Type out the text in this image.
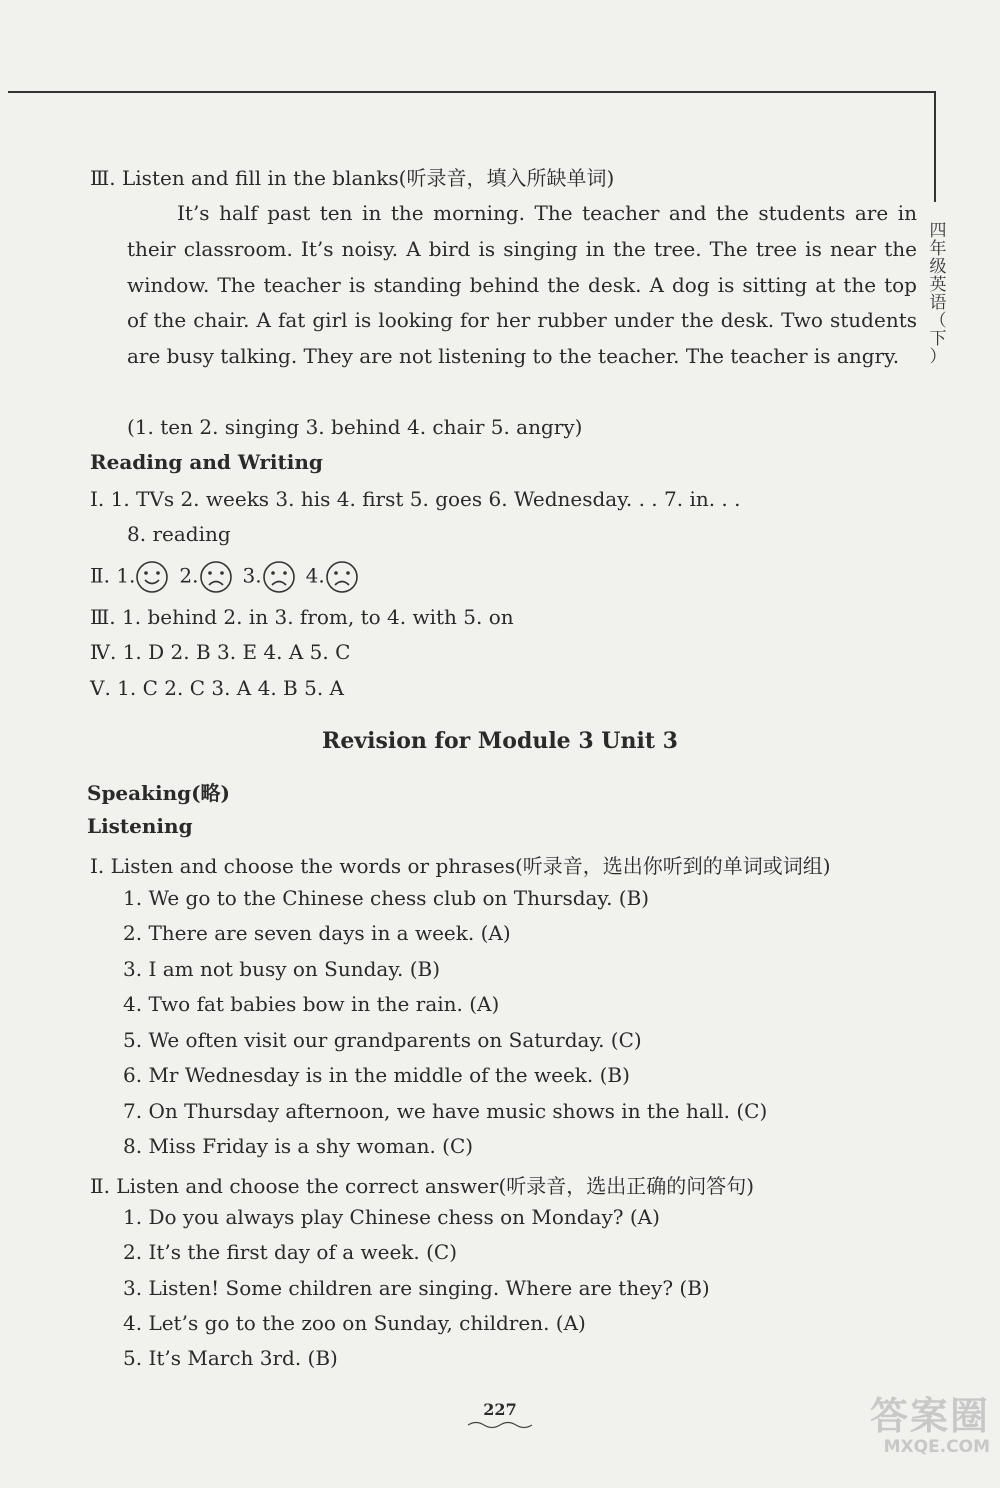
四
年
级
英
语
（
下
）
Ⅲ. Listen and fill in the blanks(听录音，填入所缺单词)

It’s half past ten in the morning. The teacher and the students are in their classroom. It’s noisy. A bird is singing in the tree. The tree is near the window. The teacher is standing behind the desk. A dog is sitting at the top of the chair. A fat girl is looking for her rubber under the desk. Two students are busy talking. They are not listening to the teacher. The teacher is angry.

(1. ten 2. singing 3. behind 4. chair 5. angry)
Reading and Writing
Ⅰ. 1. TVs 2. weeks 3. his 4. first 5. goes 6. Wednesday. . . 7. in. . .
8. reading
Ⅱ. 1. 2. 3. 4.
Ⅲ. 1. behind 2. in 3. from, to 4. with 5. on
Ⅳ. 1. D 2. B 3. E 4. A 5. C
Ⅴ. 1. C 2. C 3. A 4. B 5. A
Revision for Module 3 Unit 3
Speaking(略)
Listening
Ⅰ. Listen and choose the words or phrases(听录音，选出你听到的单词或词组)
1. We go to the Chinese chess club on Thursday. (B)
2. There are seven days in a week. (A)
3. I am not busy on Sunday. (B)
4. Two fat babies bow in the rain. (A)
5. We often visit our grandparents on Saturday. (C)
6. Mr Wednesday is in the middle of the week. (B)
7. On Thursday afternoon, we have music shows in the hall. (C)
8. Miss Friday is a shy woman. (C)
Ⅱ. Listen and choose the correct answer(听录音，选出正确的问答句)
1. Do you always play Chinese chess on Monday? (A)
2. It’s the first day of a week. (C)
3. Listen! Some children are singing. Where are they? (B)
4. Let’s go to the zoo on Sunday, children. (A)
5. It’s March 3rd. (B)
227	答案圈
MXQE.COM
